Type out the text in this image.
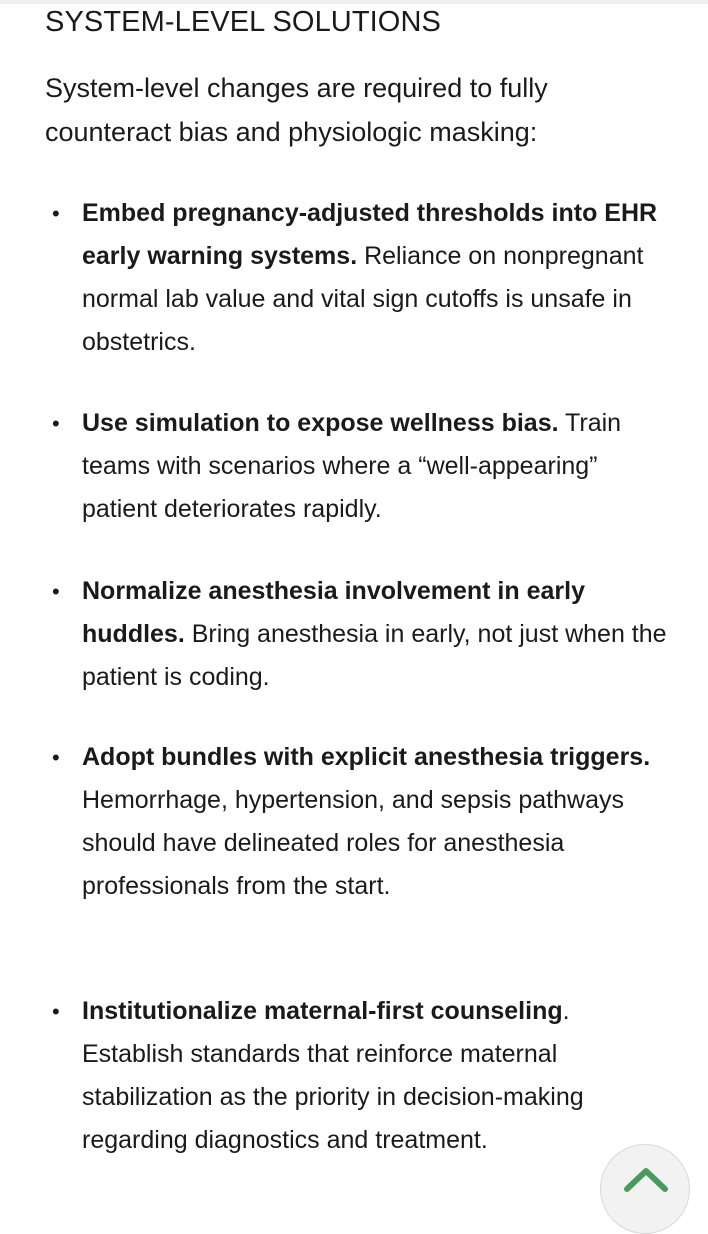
SYSTEM-LEVEL SOLUTIONS

System-level changes are required to fully counteract bias and physiologic masking:

• Embed pregnancy-adjusted thresholds into EHR early warning systems. Reliance on nonpregnant normal lab value and vital sign cutoffs is unsafe in obstetrics.

• Use simulation to expose wellness bias. Train teams with scenarios where a “well-appearing” patient deteriorates rapidly.

• Normalize anesthesia involvement in early huddles. Bring anesthesia in early, not just when the patient is coding.

• Adopt bundles with explicit anesthesia triggers. Hemorrhage, hypertension, and sepsis pathways should have delineated roles for anesthesia professionals from the start.

• Institutionalize maternal-first counseling. Establish standards that reinforce maternal stabilization as the priority in decision-making regarding diagnostics and treatment.
